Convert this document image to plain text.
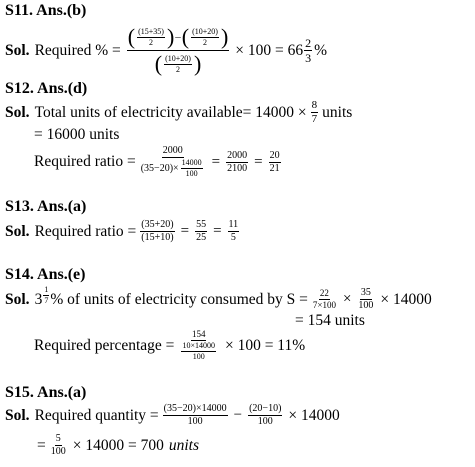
S11. Ans.(b)
Sol. Required % =
( $\frac{(15+35)}{2}$ ) – ( $\frac{(10+20)}{2}$ )
( $\frac{(10+20)}{2}$ )
× $100 = 66 \frac{2}{3}$ %
S12. Ans.(d)
Sol. Total units of electricity available= $14000 \times \frac{8}{7}$ units
= 16000 units
Required ratio = $\frac{2000}{(35-20)\times \frac{14000}{100}} = \frac{2000}{2100} = \frac{20}{21}$
S13. Ans.(a)
Sol. Required ratio = $\frac{(35+20)}{(15+10)} = \frac{55}{25} = \frac{11}{5}$
S14. Ans.(e)
Sol. $3 \frac{1}{7}$ % of units of electricity consumed by $S = \frac{22}{7\times 100} \times \frac{35}{100} \times 14000$
= 154 units
Required percentage = $\frac{154}{\frac{10\times 14000}{100}} \times 100 = 11\%$
S15. Ans.(a)
Sol. Required quantity = $\frac{(35-20)\times 14000}{100} - \frac{(20-10)}{100} \times 14000$
= $\frac{5}{100} \times 14000 = 700$ units
